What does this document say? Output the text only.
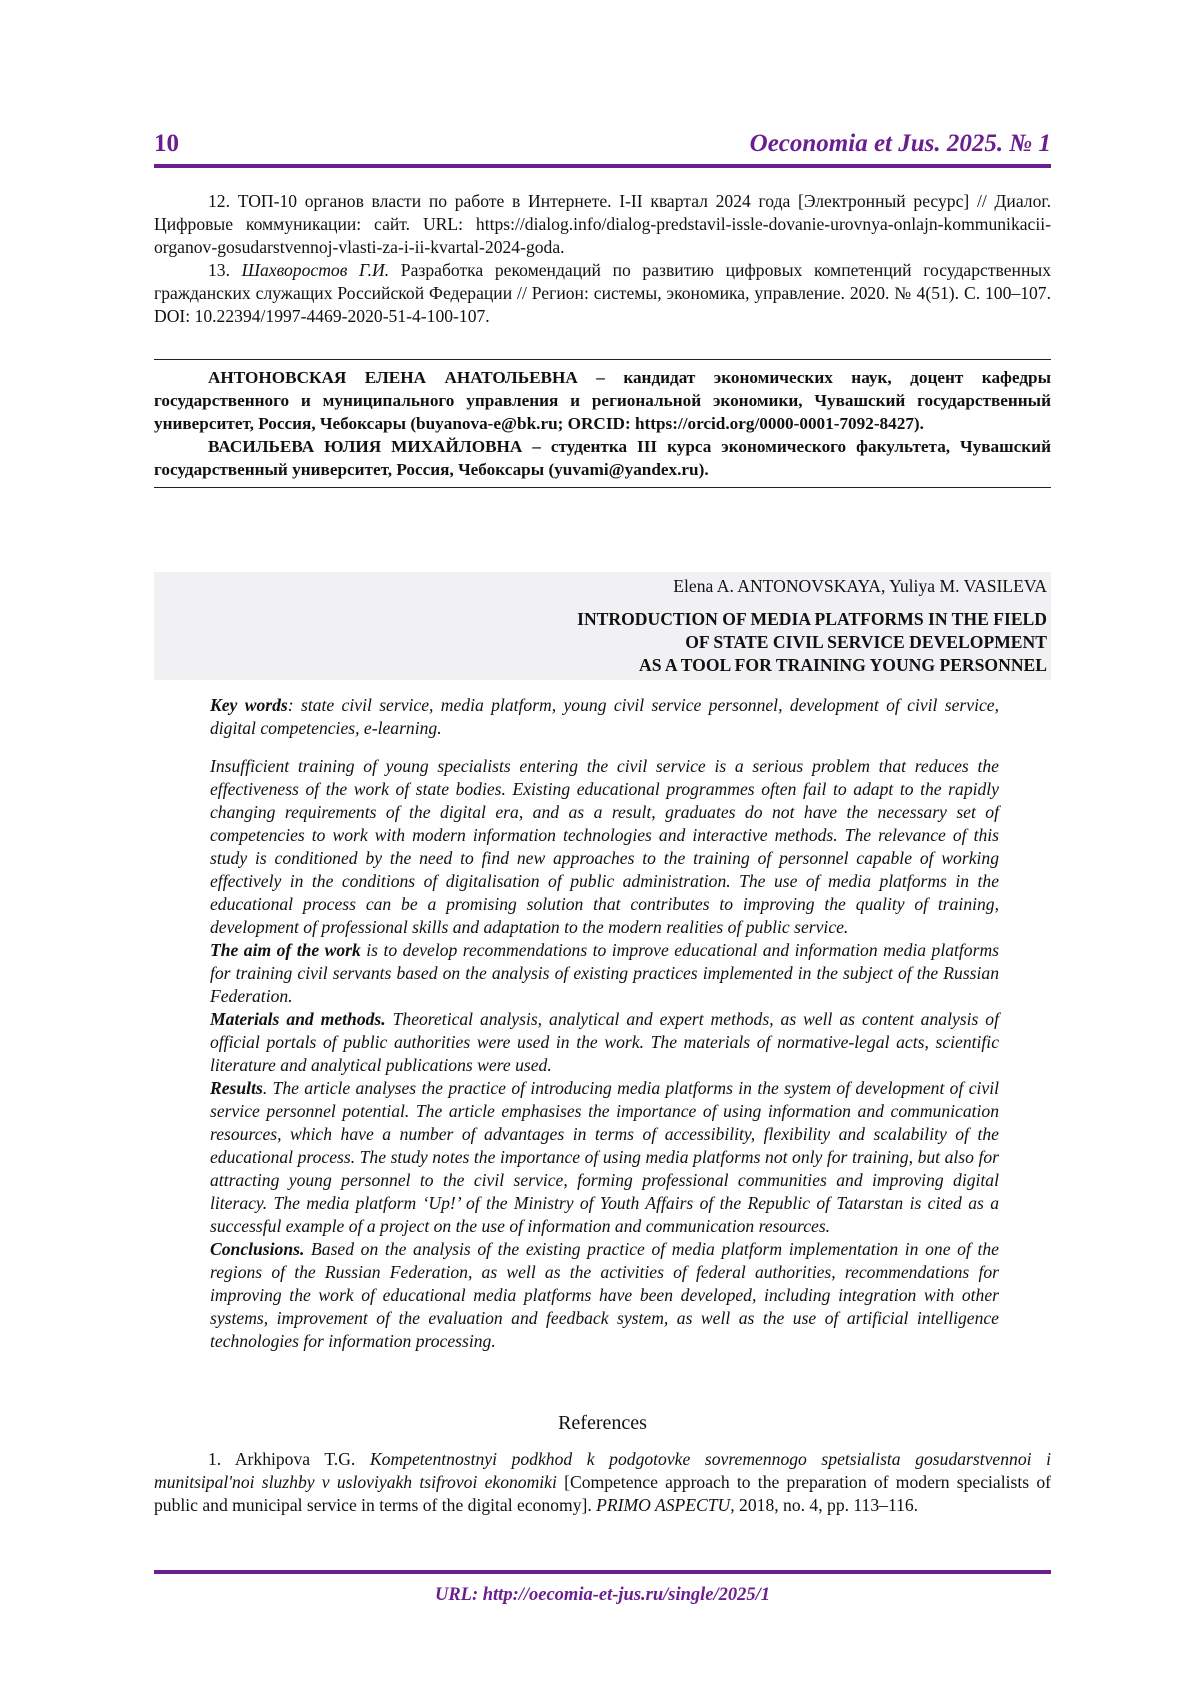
10	Oeconomia et Jus. 2025. № 1

12. ТОП-10 органов власти по работе в Интернете. I-II квартал 2024 года [Электронный ресурс] // Диалог. Цифровые коммуникации: сайт. URL: https://dialog.info/dialog-predstavil-issle-dovanie-urovnya-onlajn-kommunikacii-organov-gosudarstvennoj-vlasti-za-i-ii-kvartal-2024-goda.

13. Шахворостов Г.И. Разработка рекомендаций по развитию цифровых компетенций государственных гражданских служащих Российской Федерации // Регион: системы, экономика, управление. 2020. № 4(51). С. 100–107. DOI: 10.22394/1997-4469-2020-51-4-100-107.

АНТОНОВСКАЯ ЕЛЕНА АНАТОЛЬЕВНА – кандидат экономических наук, доцент кафедры государственного и муниципального управления и региональной экономики, Чувашский государственный университет, Россия, Чебоксары (buyanova-e@bk.ru; ORCID: https://orcid.org/0000-0001-7092-8427).

ВАСИЛЬЕВА ЮЛИЯ МИХАЙЛОВНА – студентка III курса экономического факультета, Чувашский государственный университет, Россия, Чебоксары (yuvami@yandex.ru).

Elena A. ANTONOVSKAYA, Yuliya M. VASILEVA
INTRODUCTION OF MEDIA PLATFORMS IN THE FIELD
OF STATE CIVIL SERVICE DEVELOPMENT
AS A TOOL FOR TRAINING YOUNG PERSONNEL

Key words: state civil service, media platform, young civil service personnel, development of civil service, digital competencies, e-learning.

Insufficient training of young specialists entering the civil service is a serious problem that reduces the effectiveness of the work of state bodies. Existing educational programmes often fail to adapt to the rapidly changing requirements of the digital era, and as a result, graduates do not have the necessary set of competencies to work with modern information technologies and interactive methods. The relevance of this study is conditioned by the need to find new approaches to the training of personnel capable of working effectively in the conditions of digitalisation of public administration. The use of media platforms in the educational process can be a promising solution that contributes to improving the quality of training, development of professional skills and adaptation to the modern realities of public service.

The aim of the work is to develop recommendations to improve educational and information media platforms for training civil servants based on the analysis of existing practices implemented in the subject of the Russian Federation.

Materials and methods. Theoretical analysis, analytical and expert methods, as well as content analysis of official portals of public authorities were used in the work. The materials of normative-legal acts, scientific literature and analytical publications were used.

Results. The article analyses the practice of introducing media platforms in the system of development of civil service personnel potential. The article emphasises the importance of using information and communication resources, which have a number of advantages in terms of accessibility, flexibility and scalability of the educational process. The study notes the importance of using media platforms not only for training, but also for attracting young personnel to the civil service, forming professional communities and improving digital literacy. The media platform ‘Up!’ of the Ministry of Youth Affairs of the Republic of Tatarstan is cited as a successful example of a project on the use of information and communication resources.

Conclusions. Based on the analysis of the existing practice of media platform implementation in one of the regions of the Russian Federation, as well as the activities of federal authorities, recommendations for improving the work of educational media platforms have been developed, including integration with other systems, improvement of the evaluation and feedback system, as well as the use of artificial intelligence technologies for information processing.

References

1. Arkhipova T.G. Kompetentnostnyi podkhod k podgotovke sovremennogo spetsialista gosudarstvennoi i munitsipal'noi sluzhby v usloviyakh tsifrovoi ekonomiki [Competence approach to the preparation of modern specialists of public and municipal service in terms of the digital economy]. PRIMO ASPECTU, 2018, no. 4, pp. 113–116.

URL: http://oecomia-et-jus.ru/single/2025/1
